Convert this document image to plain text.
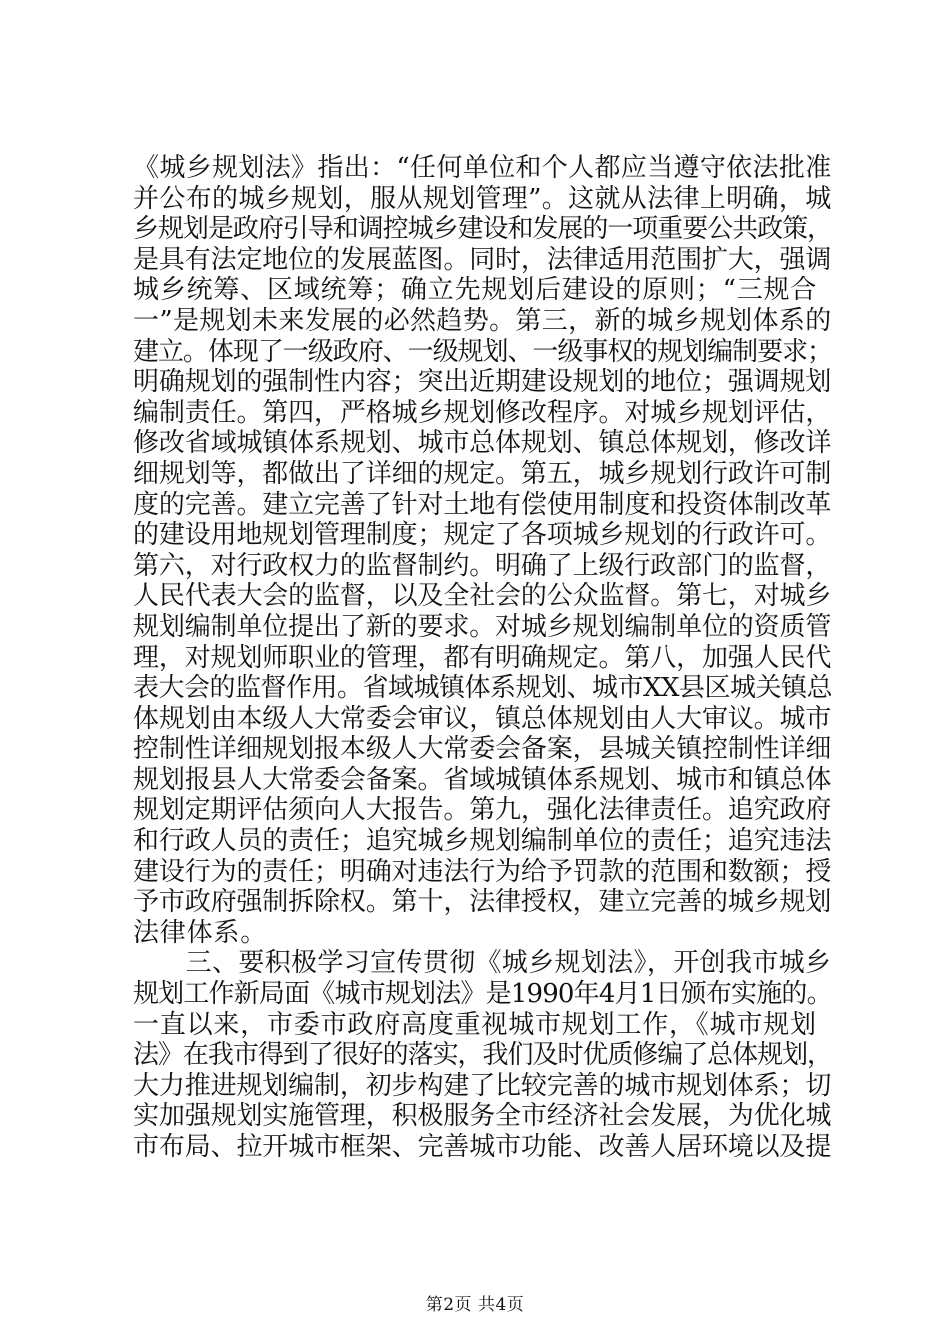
《城乡规划法》指出：“任何单位和个人都应当遵守依法批准
并公布的城乡规划，服从规划管理”。这就从法律上明确，城
乡规划是政府引导和调控城乡建设和发展的一项重要公共政策，
是具有法定地位的发展蓝图。同时，法律适用范围扩大，强调
城乡统筹、区域统筹；确立先规划后建设的原则；“三规合
一”是规划未来发展的必然趋势。第三，新的城乡规划体系的
建立。体现了一级政府、一级规划、一级事权的规划编制要求；
明确规划的强制性内容；突出近期建设规划的地位；强调规划
编制责任。第四，严格城乡规划修改程序。对城乡规划评估，
修改省域城镇体系规划、城市总体规划、镇总体规划，修改详
细规划等，都做出了详细的规定。第五，城乡规划行政许可制
度的完善。建立完善了针对土地有偿使用制度和投资体制改革
的建设用地规划管理制度；规定了各项城乡规划的行政许可。
第六，对行政权力的监督制约。明确了上级行政部门的监督，
人民代表大会的监督，以及全社会的公众监督。第七，对城乡
规划编制单位提出了新的要求。对城乡规划编制单位的资质管
理，对规划师职业的管理，都有明确规定。第八，加强人民代
表大会的监督作用。省域城镇体系规划、城市XX县区城关镇总
体规划由本级人大常委会审议，镇总体规划由人大审议。城市
控制性详细规划报本级人大常委会备案，县城关镇控制性详细
规划报县人大常委会备案。省域城镇体系规划、城市和镇总体
规划定期评估须向人大报告。第九，强化法律责任。追究政府
和行政人员的责任；追究城乡规划编制单位的责任；追究违法
建设行为的责任；明确对违法行为给予罚款的范围和数额；授
予市政府强制拆除权。第十，法律授权，建立完善的城乡规划
法律体系。
　　三、要积极学习宣传贯彻《城乡规划法》，开创我市城乡
规划工作新局面《城市规划法》是1990年4月1日颁布实施的。
一直以来，市委市政府高度重视城市规划工作，《城市规划
法》在我市得到了很好的落实，我们及时优质修编了总体规划，
大力推进规划编制，初步构建了比较完善的城市规划体系；切
实加强规划实施管理，积极服务全市经济社会发展，为优化城
市布局、拉开城市框架、完善城市功能、改善人居环境以及提
第2页 共4页
